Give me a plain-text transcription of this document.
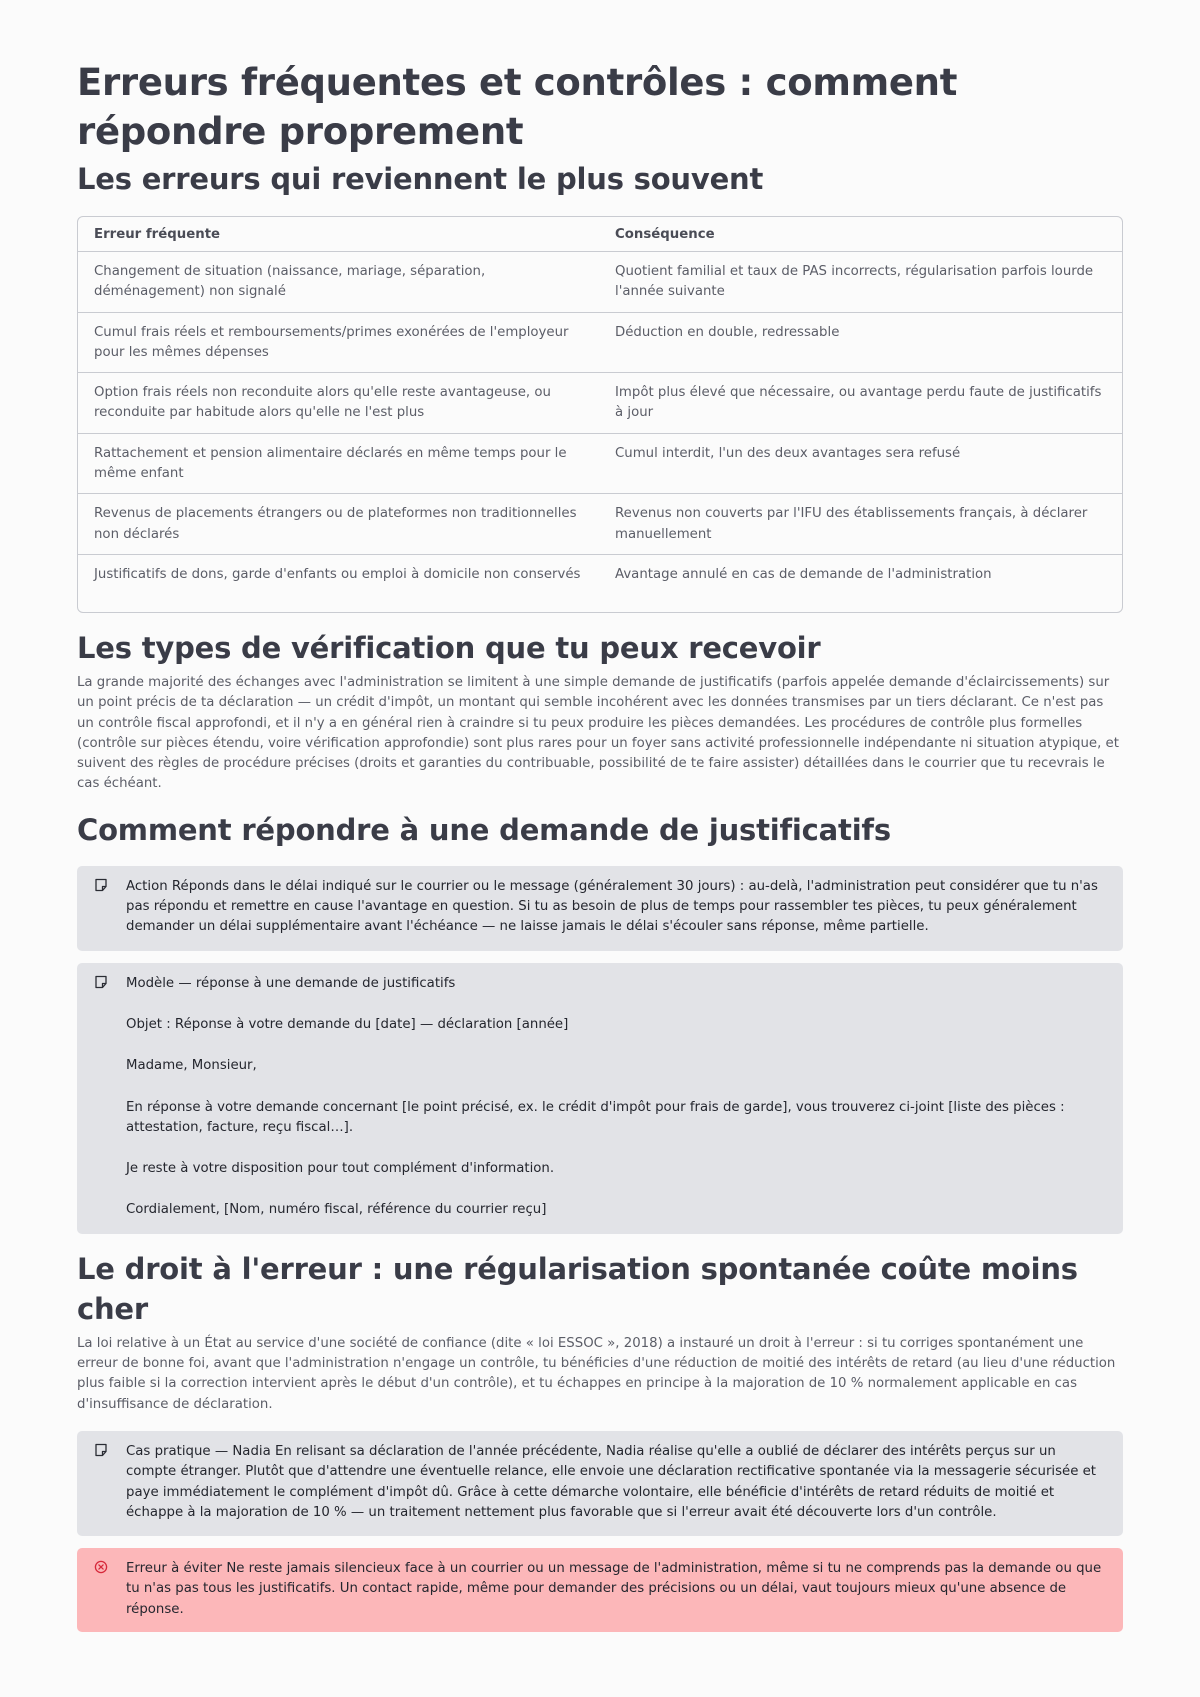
Erreurs fréquentes et contrôles : comment répondre proprement
Les erreurs qui reviennent le plus souvent
Erreur fréquente	Conséquence
Changement de situation (naissance, mariage, séparation, déménagement) non signalé	Quotient familial et taux de PAS incorrects, régularisation parfois lourde l'année suivante
Cumul frais réels et remboursements/primes exonérées de l'employeur pour les mêmes dépenses	Déduction en double, redressable
Option frais réels non reconduite alors qu'elle reste avantageuse, ou reconduite par habitude alors qu'elle ne l'est plus	Impôt plus élevé que nécessaire, ou avantage perdu faute de justificatifs à jour
Rattachement et pension alimentaire déclarés en même temps pour le même enfant	Cumul interdit, l'un des deux avantages sera refusé
Revenus de placements étrangers ou de plateformes non traditionnelles non déclarés	Revenus non couverts par l'IFU des établissements français, à déclarer manuellement
Justificatifs de dons, garde d'enfants ou emploi à domicile non conservés	Avantage annulé en cas de demande de l'administration
Les types de vérification que tu peux recevoir

La grande majorité des échanges avec l'administration se limitent à une simple demande de justificatifs (parfois appelée demande d'éclaircissements) sur un point précis de ta déclaration — un crédit d'impôt, un montant qui semble incohérent avec les données transmises par un tiers déclarant. Ce n'est pas un contrôle fiscal approfondi, et il n'y a en général rien à craindre si tu peux produire les pièces demandées. Les procédures de contrôle plus formelles (contrôle sur pièces étendu, voire vérification approfondie) sont plus rares pour un foyer sans activité professionnelle indépendante ni situation atypique, et suivent des règles de procédure précises (droits et garanties du contribuable, possibilité de te faire assister) détaillées dans le courrier que tu recevrais le cas échéant.

Comment répondre à une demande de justificatifs
Action Réponds dans le délai indiqué sur le courrier ou le message (généralement 30 jours) : au-delà, l'administration peut considérer que tu n'as pas répondu et remettre en cause l'avantage en question. Si tu as besoin de plus de temps pour rassembler tes pièces, tu peux généralement demander un délai supplémentaire avant l'échéance — ne laisse jamais le délai s'écouler sans réponse, même partielle.

Modèle — réponse à une demande de justificatifs

Objet : Réponse à votre demande du [date] — déclaration [année]

Madame, Monsieur,

En réponse à votre demande concernant [le point précisé, ex. le crédit d'impôt pour frais de garde], vous trouverez ci-joint [liste des pièces : attestation, facture, reçu fiscal…].

Je reste à votre disposition pour tout complément d'information.

Cordialement, [Nom, numéro fiscal, référence du courrier reçu]

Le droit à l'erreur : une régularisation spontanée coûte moins cher

La loi relative à un État au service d'une société de confiance (dite « loi ESSOC », 2018) a instauré un droit à l'erreur : si tu corriges spontanément une erreur de bonne foi, avant que l'administration n'engage un contrôle, tu bénéficies d'une réduction de moitié des intérêts de retard (au lieu d'une réduction plus faible si la correction intervient après le début d'un contrôle), et tu échappes en principe à la majoration de 10 % normalement applicable en cas d'insuffisance de déclaration.

Cas pratique — Nadia En relisant sa déclaration de l'année précédente, Nadia réalise qu'elle a oublié de déclarer des intérêts perçus sur un compte étranger. Plutôt que d'attendre une éventuelle relance, elle envoie une déclaration rectificative spontanée via la messagerie sécurisée et paye immédiatement le complément d'impôt dû. Grâce à cette démarche volontaire, elle bénéficie d'intérêts de retard réduits de moitié et échappe à la majoration de 10 % — un traitement nettement plus favorable que si l'erreur avait été découverte lors d'un contrôle.
Erreur à éviter Ne reste jamais silencieux face à un courrier ou un message de l'administration, même si tu ne comprends pas la demande ou que tu n'as pas tous les justificatifs. Un contact rapide, même pour demander des précisions ou un délai, vaut toujours mieux qu'une absence de réponse.
